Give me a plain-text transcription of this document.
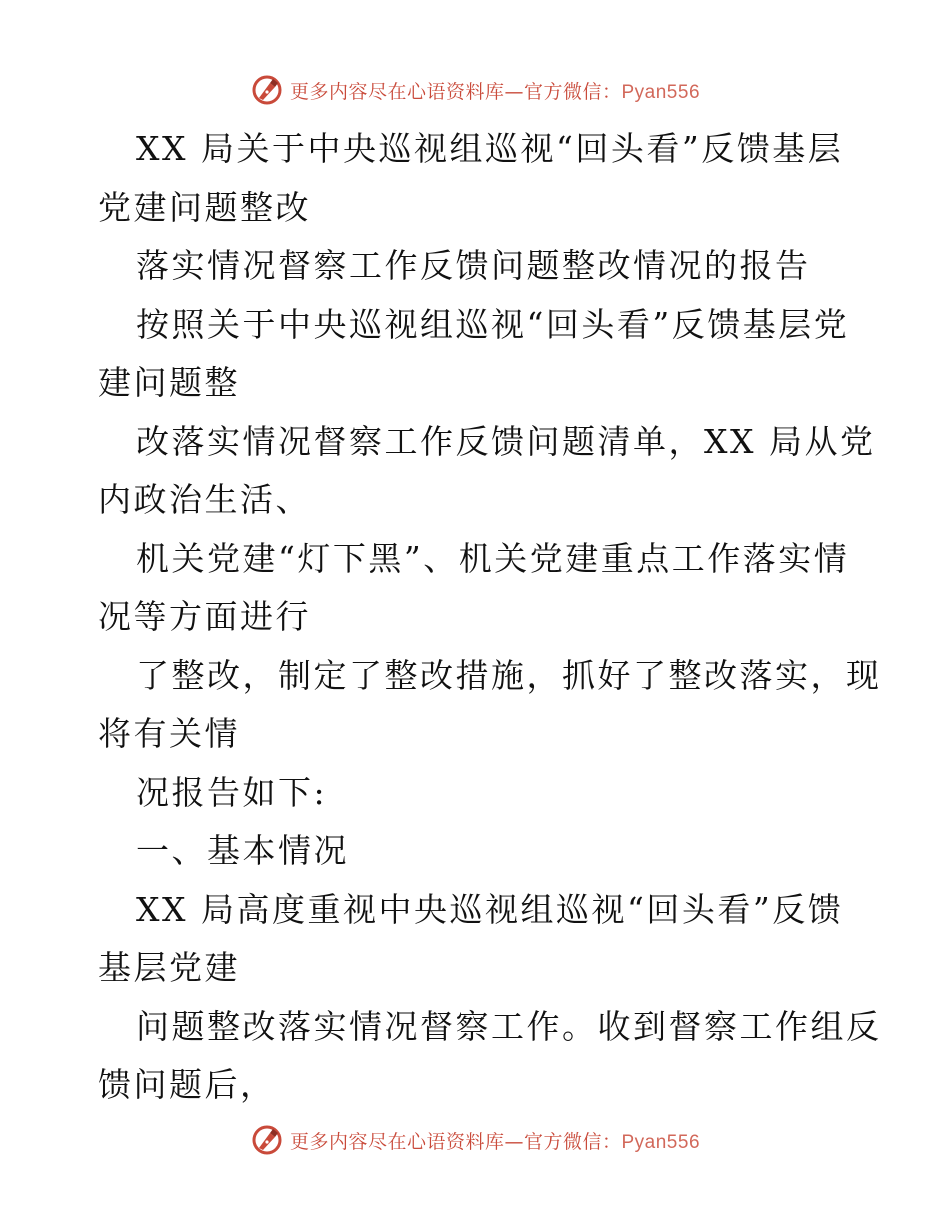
更多内容尽在心语资料库—官方微信：Pyan556
XX 局关于中央巡视组巡视“回头看”反馈基层
党建问题整改
落实情况督察工作反馈问题整改情况的报告
按照关于中央巡视组巡视“回头看”反馈基层党
建问题整
改落实情况督察工作反馈问题清单，XX 局从党
内政治生活、
机关党建“灯下黑”、机关党建重点工作落实情
况等方面进行
了整改，制定了整改措施，抓好了整改落实，现
将有关情
况报告如下:
一、基本情况
XX 局高度重视中央巡视组巡视“回头看”反馈
基层党建
问题整改落实情况督察工作。收到督察工作组反
馈问题后，
更多内容尽在心语资料库—官方微信：Pyan556
